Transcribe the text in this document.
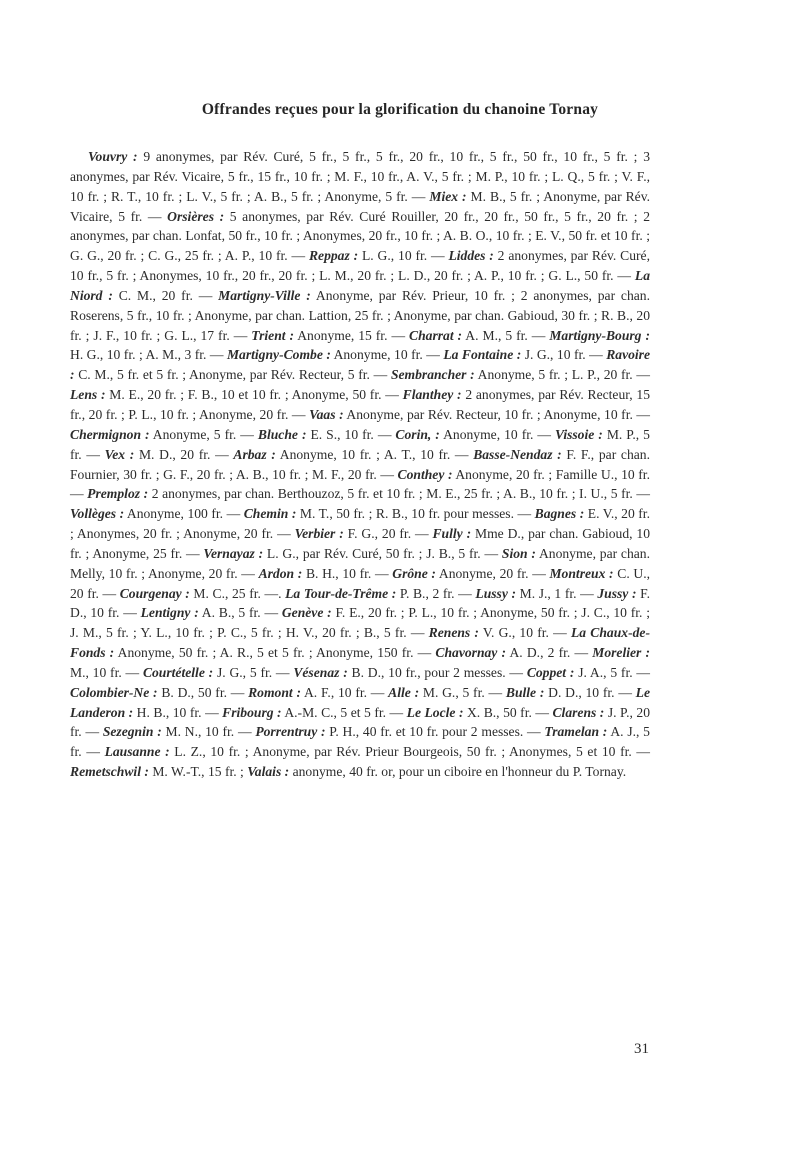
Offrandes reçues pour la glorification du chanoine Tornay
Vouvry : 9 anonymes, par Rév. Curé, 5 fr., 5 fr., 5 fr., 20 fr., 10 fr., 5 fr., 50 fr., 10 fr., 5 fr. ; 3 anonymes, par Rév. Vicaire, 5 fr., 15 fr., 10 fr. ; M. F., 10 fr., A. V., 5 fr. ; M. P., 10 fr. ; L. Q., 5 fr. ; V. F., 10 fr. ; R. T., 10 fr. ; L. V., 5 fr. ; A. B., 5 fr. ; Anonyme, 5 fr. — Miex : M. B., 5 fr. ; Anonyme, par Rév. Vicaire, 5 fr. — Orsières : 5 anonymes, par Rév. Curé Rouiller, 20 fr., 20 fr., 50 fr., 5 fr., 20 fr. ; 2 anonymes, par chan. Lonfat, 50 fr., 10 fr. ; Anonymes, 20 fr., 10 fr. ; A. B. O., 10 fr. ; E. V., 50 fr. et 10 fr. ; G. G., 20 fr. ; C. G., 25 fr. ; A. P., 10 fr. — Reppaz : L. G., 10 fr. — Liddes : 2 anonymes, par Rév. Curé, 10 fr., 5 fr. ; Anonymes, 10 fr., 20 fr., 20 fr. ; L. M., 20 fr. ; L. D., 20 fr. ; A. P., 10 fr. ; G. L., 50 fr. — La Niord : C. M., 20 fr. — Martigny-Ville : Anonyme, par Rév. Prieur, 10 fr. ; 2 anonymes, par chan. Roserens, 5 fr., 10 fr. ; Anonyme, par chan. Lattion, 25 fr. ; Anonyme, par chan. Gabioud, 30 fr. ; R. B., 20 fr. ; J. F., 10 fr. ; G. L., 17 fr. — Trient : Anonyme, 15 fr. — Charrat : A. M., 5 fr. — Martigny-Bourg : H. G., 10 fr. ; A. M., 3 fr. — Martigny-Combe : Anonyme, 10 fr. — La Fontaine : J. G., 10 fr. — Ravoire : C. M., 5 fr. et 5 fr. ; Anonyme, par Rév. Recteur, 5 fr. — Sembrancher : Anonyme, 5 fr. ; L. P., 20 fr. — Lens : M. E., 20 fr. ; F. B., 10 et 10 fr. ; Anonyme, 50 fr. — Flanthey : 2 anonymes, par Rév. Recteur, 15 fr., 20 fr. ; P. L., 10 fr. ; Anonyme, 20 fr. — Vaas : Anonyme, par Rév. Recteur, 10 fr. ; Anonyme, 10 fr. — Chermignon : Anonyme, 5 fr. — Bluche : E. S., 10 fr. — Corin, : Anonyme, 10 fr. — Vissoie : M. P., 5 fr. — Vex : M. D., 20 fr. — Arbaz : Anonyme, 10 fr. ; A. T., 10 fr. — Basse-Nendaz : F. F., par chan. Fournier, 30 fr. ; G. F., 20 fr. ; A. B., 10 fr. ; M. F., 20 fr. — Conthey : Anonyme, 20 fr. ; Famille U., 10 fr. — Premploz : 2 anonymes, par chan. Berthouzoz, 5 fr. et 10 fr. ; M. E., 25 fr. ; A. B., 10 fr. ; I. U., 5 fr. — Vollèges : Anonyme, 100 fr. — Chemin : M. T., 50 fr. ; R. B., 10 fr. pour messes. — Bagnes : E. V., 20 fr. ; Anonymes, 20 fr. ; Anonyme, 20 fr. — Verbier : F. G., 20 fr. — Fully : Mme D., par chan. Gabioud, 10 fr. ; Anonyme, 25 fr. — Vernayaz : L. G., par Rév. Curé, 50 fr. ; J. B., 5 fr. — Sion : Anonyme, par chan. Melly, 10 fr. ; Anonyme, 20 fr. — Ardon : B. H., 10 fr. — Grône : Anonyme, 20 fr. — Montreux : C. U., 20 fr. — Courgenay : M. C., 25 fr. —. La Tour-de-Trême : P. B., 2 fr. — Lussy : M. J., 1 fr. — Jussy : F. D., 10 fr. — Lentigny : A. B., 5 fr. — Genève : F. E., 20 fr. ; P. L., 10 fr. ; Anonyme, 50 fr. ; J. C., 10 fr. ; J. M., 5 fr. ; Y. L., 10 fr. ; P. C., 5 fr. ; H. V., 20 fr. ; B., 5 fr. — Renens : V. G., 10 fr. — La Chaux-de-Fonds : Anonyme, 50 fr. ; A. R., 5 et 5 fr. ; Anonyme, 150 fr. — Chavornay : A. D., 2 fr. — Morelier : M., 10 fr. — Courtételle : J. G., 5 fr. — Vésenaz : B. D., 10 fr., pour 2 messes. — Coppet : J. A., 5 fr. — Colombier-Ne : B. D., 50 fr. — Romont : A. F., 10 fr. — Alle : M. G., 5 fr. — Bulle : D. D., 10 fr. — Le Landeron : H. B., 10 fr. — Fribourg : A.-M. C., 5 et 5 fr. — Le Locle : X. B., 50 fr. — Clarens : J. P., 20 fr. — Sezegnin : M. N., 10 fr. — Porrentruy : P. H., 40 fr. et 10 fr. pour 2 messes. — Tramelan : A. J., 5 fr. — Lausanne : L. Z., 10 fr. ; Anonyme, par Rév. Prieur Bourgeois, 50 fr. ; Anonymes, 5 et 10 fr. — Remetschwil : M. W.-T., 15 fr. ; Valais : anonyme, 40 fr. or, pour un ciboire en l'honneur du P. Tornay.
31
